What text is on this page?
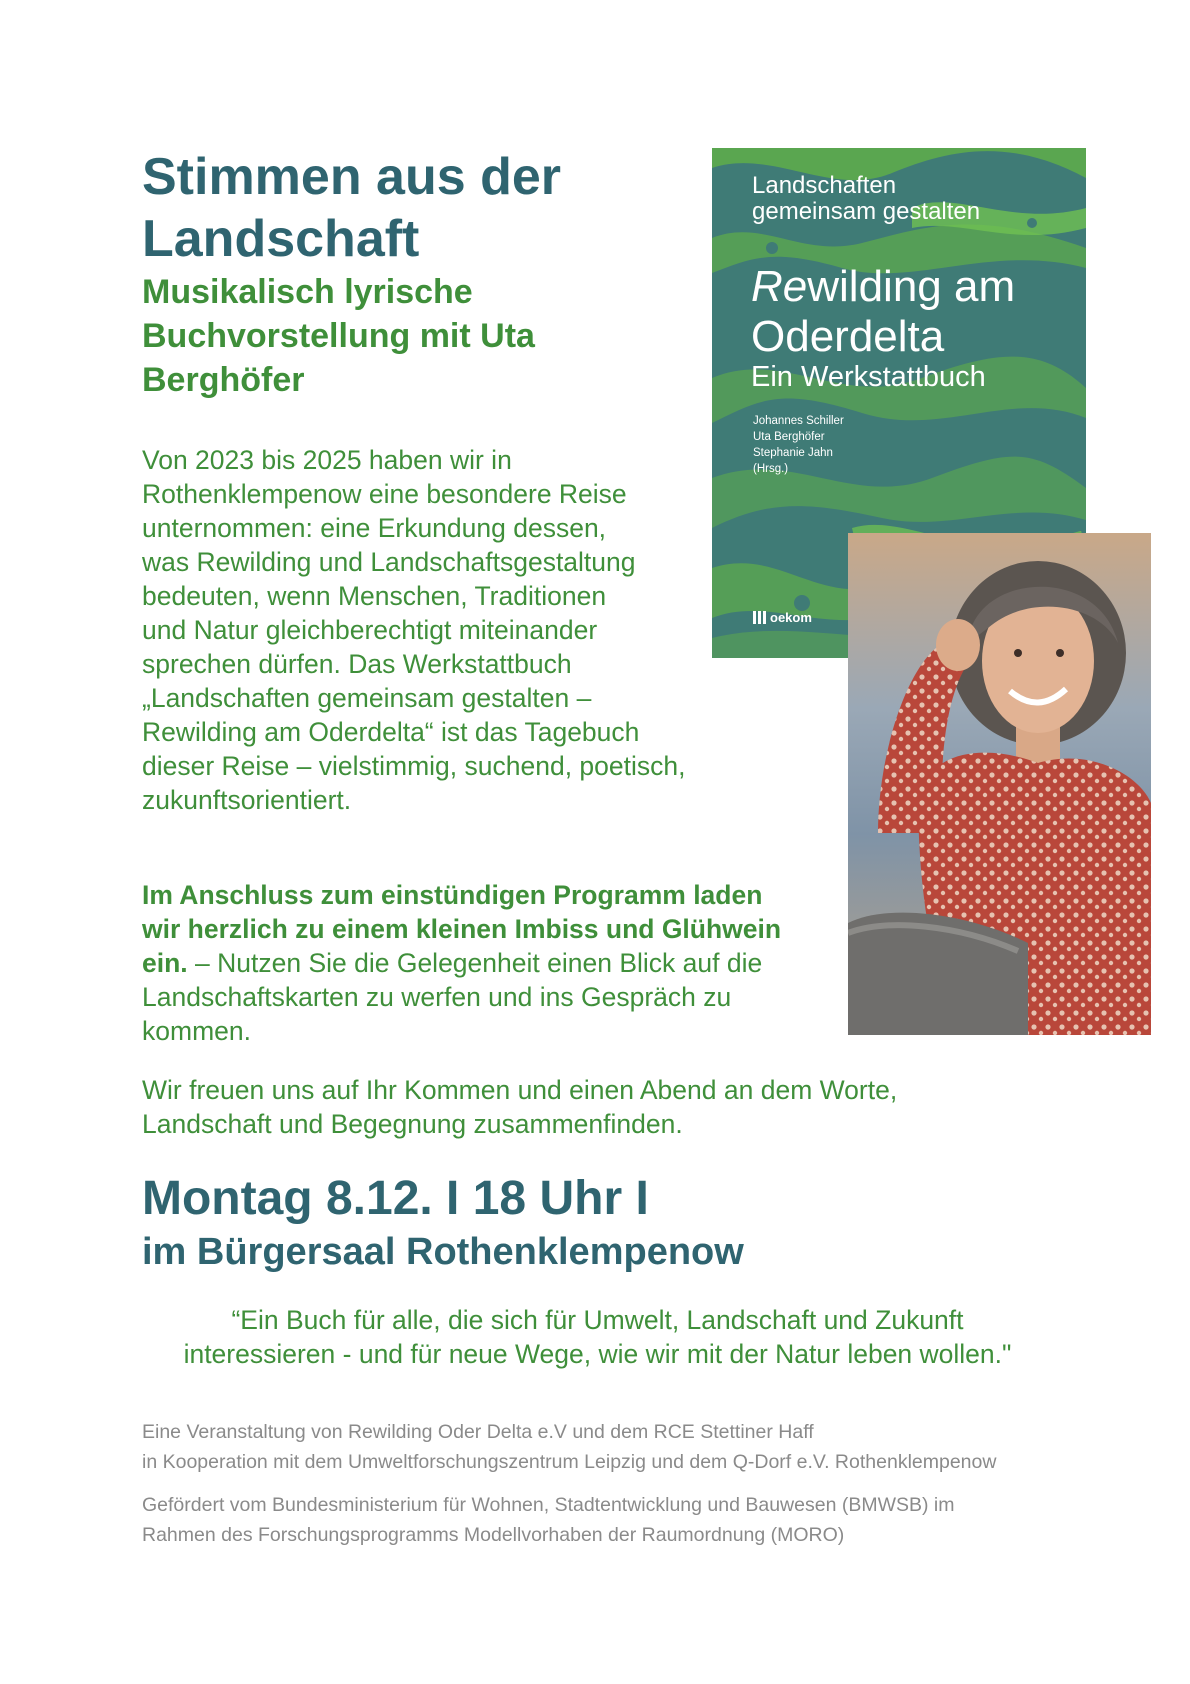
Stimmen aus der
Landschaft
Musikalisch lyrische
Buchvorstellung mit Uta
Berghöfer

Von 2023 bis 2025 haben wir in
Rothenklempenow eine besondere Reise
unternommen: eine Erkundung dessen,
was Rewilding und Landschaftsgestaltung
bedeuten, wenn Menschen, Traditionen
und Natur gleichberechtigt miteinander
sprechen dürfen. Das Werkstattbuch
„Landschaften gemeinsam gestalten –
Rewilding am Oderdelta“ ist das Tagebuch
dieser Reise – vielstimmig, suchend, poetisch,
zukunftsorientiert.

Im Anschluss zum einstündigen Programm laden
wir herzlich zu einem kleinen Imbiss und Glühwein
ein. – Nutzen Sie die Gelegenheit einen Blick auf die
Landschaftskarten zu werfen und ins Gespräch zu
kommen.

Wir freuen uns auf Ihr Kommen und einen Abend an dem Worte,
Landschaft und Begegnung zusammenfinden.

Montag 8.12. I 18 Uhr I
im Bürgersaal Rothenklempenow

“Ein Buch für alle, die sich für Umwelt, Landschaft und Zukunft
interessieren - und für neue Wege, wie wir mit der Natur leben wollen."

Eine Veranstaltung von Rewilding Oder Delta e.V und dem RCE Stettiner Haff
in Kooperation mit dem Umweltforschungszentrum Leipzig und dem Q-Dorf e.V. Rothenklempenow

Gefördert vom Bundesministerium für Wohnen, Stadtentwicklung und Bauwesen (BMWSB) im
Rahmen des Forschungsprogramms Modellvorhaben der Raumordnung (MORO)

Landschaften
gemeinsam gestalten
Rewilding am
Oderdelta
Ein Werkstattbuch
Johannes Schiller
Uta Berghöfer
Stephanie Jahn
(Hrsg.)
oekom
